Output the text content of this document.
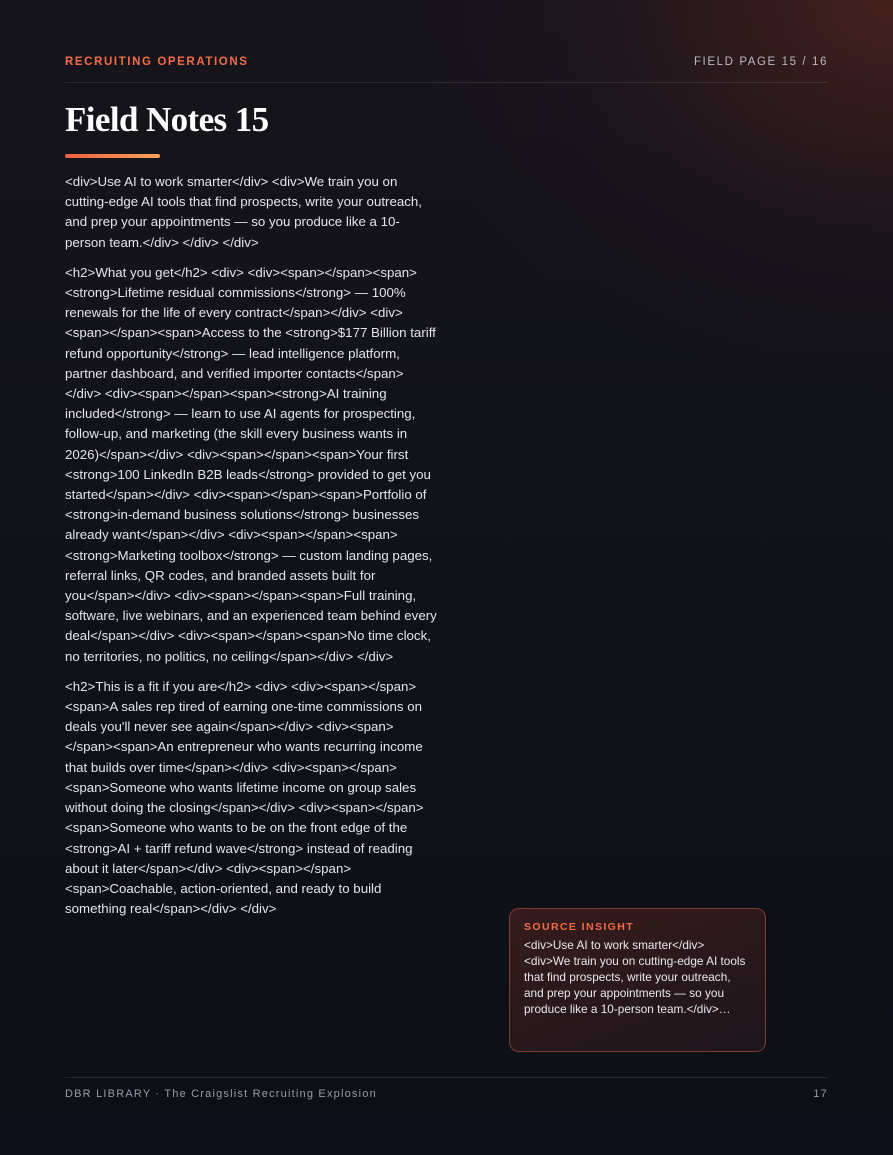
RECRUITING OPERATIONS	FIELD PAGE 15 / 16
Field Notes 15

<div>Use AI to work smarter</div> <div>We train you on cutting-edge AI tools that find prospects, write your outreach, and prep your appointments — so you produce like a 10-person team.</div> </div> </div>

<h2>What you get</h2> <div> <div><span></span><span><strong>Lifetime residual commissions</strong> — 100% renewals for the life of every contract</span></div> <div><span></span><span>Access to the <strong>$177 Billion tariff refund opportunity</strong> — lead intelligence platform, partner dashboard, and verified importer contacts</span></div> <div><span></span><span><strong>AI training included</strong> — learn to use AI agents for prospecting, follow-up, and marketing (the skill every business wants in 2026)</span></div> <div><span></span><span>Your first <strong>100 LinkedIn B2B leads</strong> provided to get you started</span></div> <div><span></span><span>Portfolio of <strong>in-demand business solutions</strong> businesses already want</span></div> <div><span></span><span><strong>Marketing toolbox</strong> — custom landing pages, referral links, QR codes, and branded assets built for you</span></div> <div><span></span><span>Full training, software, live webinars, and an experienced team behind every deal</span></div> <div><span></span><span>No time clock, no territories, no politics, no ceiling</span></div> </div>

<h2>This is a fit if you are</h2> <div> <div><span></span><span>A sales rep tired of earning one-time commissions on deals you'll never see again</span></div> <div><span></span><span>An entrepreneur who wants recurring income that builds over time</span></div> <div><span></span><span>Someone who wants lifetime income on group sales without doing the closing</span></div> <div><span></span><span>Someone who wants to be on the front edge of the <strong>AI + tariff refund wave</strong> instead of reading about it later</span></div> <div><span></span><span>Coachable, action-oriented, and ready to build something real</span></div> </div>

SOURCE INSIGHT
<div>Use AI to work smarter</div> <div>We train you on cutting-edge AI tools that find prospects, write your outreach, and prep your appointments — so you produce like a 10-person team.</div>…
DBR LIBRARY · The Craigslist Recruiting Explosion	17
